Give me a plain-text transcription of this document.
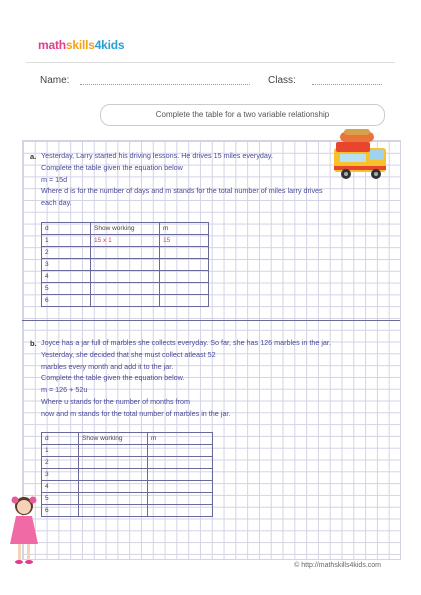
mathskills4kids
Name:	Class:
Complete the table for a two variable relationship
a. Yesterday, Larry started his driving lessons. He drives 15 miles everyday.
Complete the table given the equation below
m = 15d
Where d is for the number of days and m stands for the total number of miles larry drives
each day.
d	Show working	m
1	15 x 1	15
2		
3		
4		
5		
6		
b. Joyce has a jar full of marbles she collects everyday. So far, she has 126 marbles in the jar.
Yesterday, she decided that she must collect atleast 52
marbles every month and add it to the jar.
Complete the table given the equation below.
m = 126 + 52u
Where u stands for the number of months from
now and m stands for the total number of marbles in the jar.
d	Show working	m
1		
2		
3		
4		
5		
6		
© http://mathskills4kids.com
